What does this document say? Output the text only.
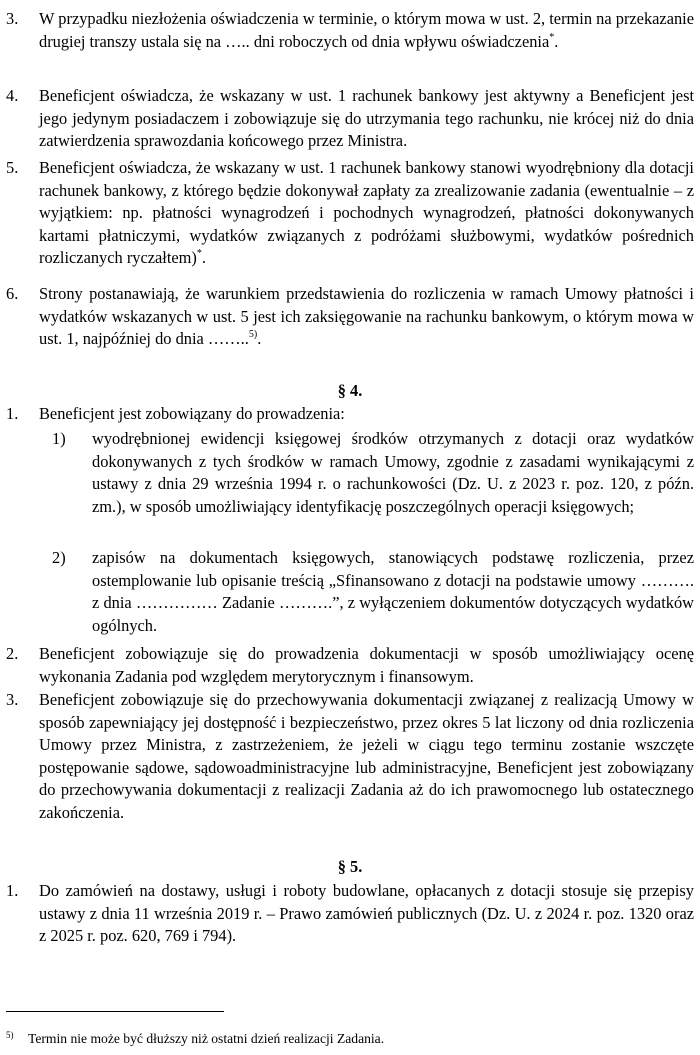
3. W przypadku niezłożenia oświadczenia w terminie, o którym mowa w ust. 2, termin na przekazanie drugiej transzy ustala się na ….. dni roboczych od dnia wpływu oświadczenia*.
4. Beneficjent oświadcza, że wskazany w ust. 1 rachunek bankowy jest aktywny a Beneficjent jest jego jedynym posiadaczem i zobowiązuje się do utrzymania tego rachunku, nie krócej niż do dnia zatwierdzenia sprawozdania końcowego przez Ministra.
5. Beneficjent oświadcza, że wskazany w ust. 1 rachunek bankowy stanowi wyodrębniony dla dotacji rachunek bankowy, z którego będzie dokonywał zapłaty za zrealizowanie zadania (ewentualnie – z wyjątkiem: np. płatności wynagrodzeń i pochodnych wynagrodzeń, płatności dokonywanych kartami płatniczymi, wydatków związanych z podróżami służbowymi, wydatków pośrednich rozliczanych ryczałtem)*.
6. Strony postanawiają, że warunkiem przedstawienia do rozliczenia w ramach Umowy płatności i wydatków wskazanych w ust. 5 jest ich zaksięgowanie na rachunku bankowym, o którym mowa w ust. 1, najpóźniej do dnia ……..$^{5)}$.
§ 4.
1. Beneficjent jest zobowiązany do prowadzenia:
1) wyodrębnionej ewidencji księgowej środków otrzymanych z dotacji oraz wydatków dokonywanych z tych środków w ramach Umowy, zgodnie z zasadami wynikającymi z ustawy z dnia 29 września 1994 r. o rachunkowości (Dz. U. z 2023 r. poz. 120, z późn. zm.), w sposób umożliwiający identyfikację poszczególnych operacji księgowych;
2) zapisów na dokumentach księgowych, stanowiących podstawę rozliczenia, przez ostemplowanie lub opisanie treścią „Sfinansowano z dotacji na podstawie umowy ………. z dnia …………… Zadanie ……….”, z wyłączeniem dokumentów dotyczących wydatków ogólnych.
2. Beneficjent zobowiązuje się do prowadzenia dokumentacji w sposób umożliwiający ocenę wykonania Zadania pod względem merytorycznym i finansowym.
3. Beneficjent zobowiązuje się do przechowywania dokumentacji związanej z realizacją Umowy w sposób zapewniający jej dostępność i bezpieczeństwo, przez okres 5 lat liczony od dnia rozliczenia Umowy przez Ministra, z zastrzeżeniem, że jeżeli w ciągu tego terminu zostanie wszczęte postępowanie sądowe, sądowoadministracyjne lub administracyjne, Beneficjent jest zobowiązany do przechowywania dokumentacji z realizacji Zadania aż do ich prawomocnego lub ostatecznego zakończenia.
§ 5.
1. Do zamówień na dostawy, usługi i roboty budowlane, opłacanych z dotacji stosuje się przepisy ustawy z dnia 11 września 2019 r. – Prawo zamówień publicznych (Dz. U. z 2024 r. poz. 1320 oraz z 2025 r. poz. 620, 769 i 794).
$^{5)}$ Termin nie może być dłuższy niż ostatni dzień realizacji Zadania.
